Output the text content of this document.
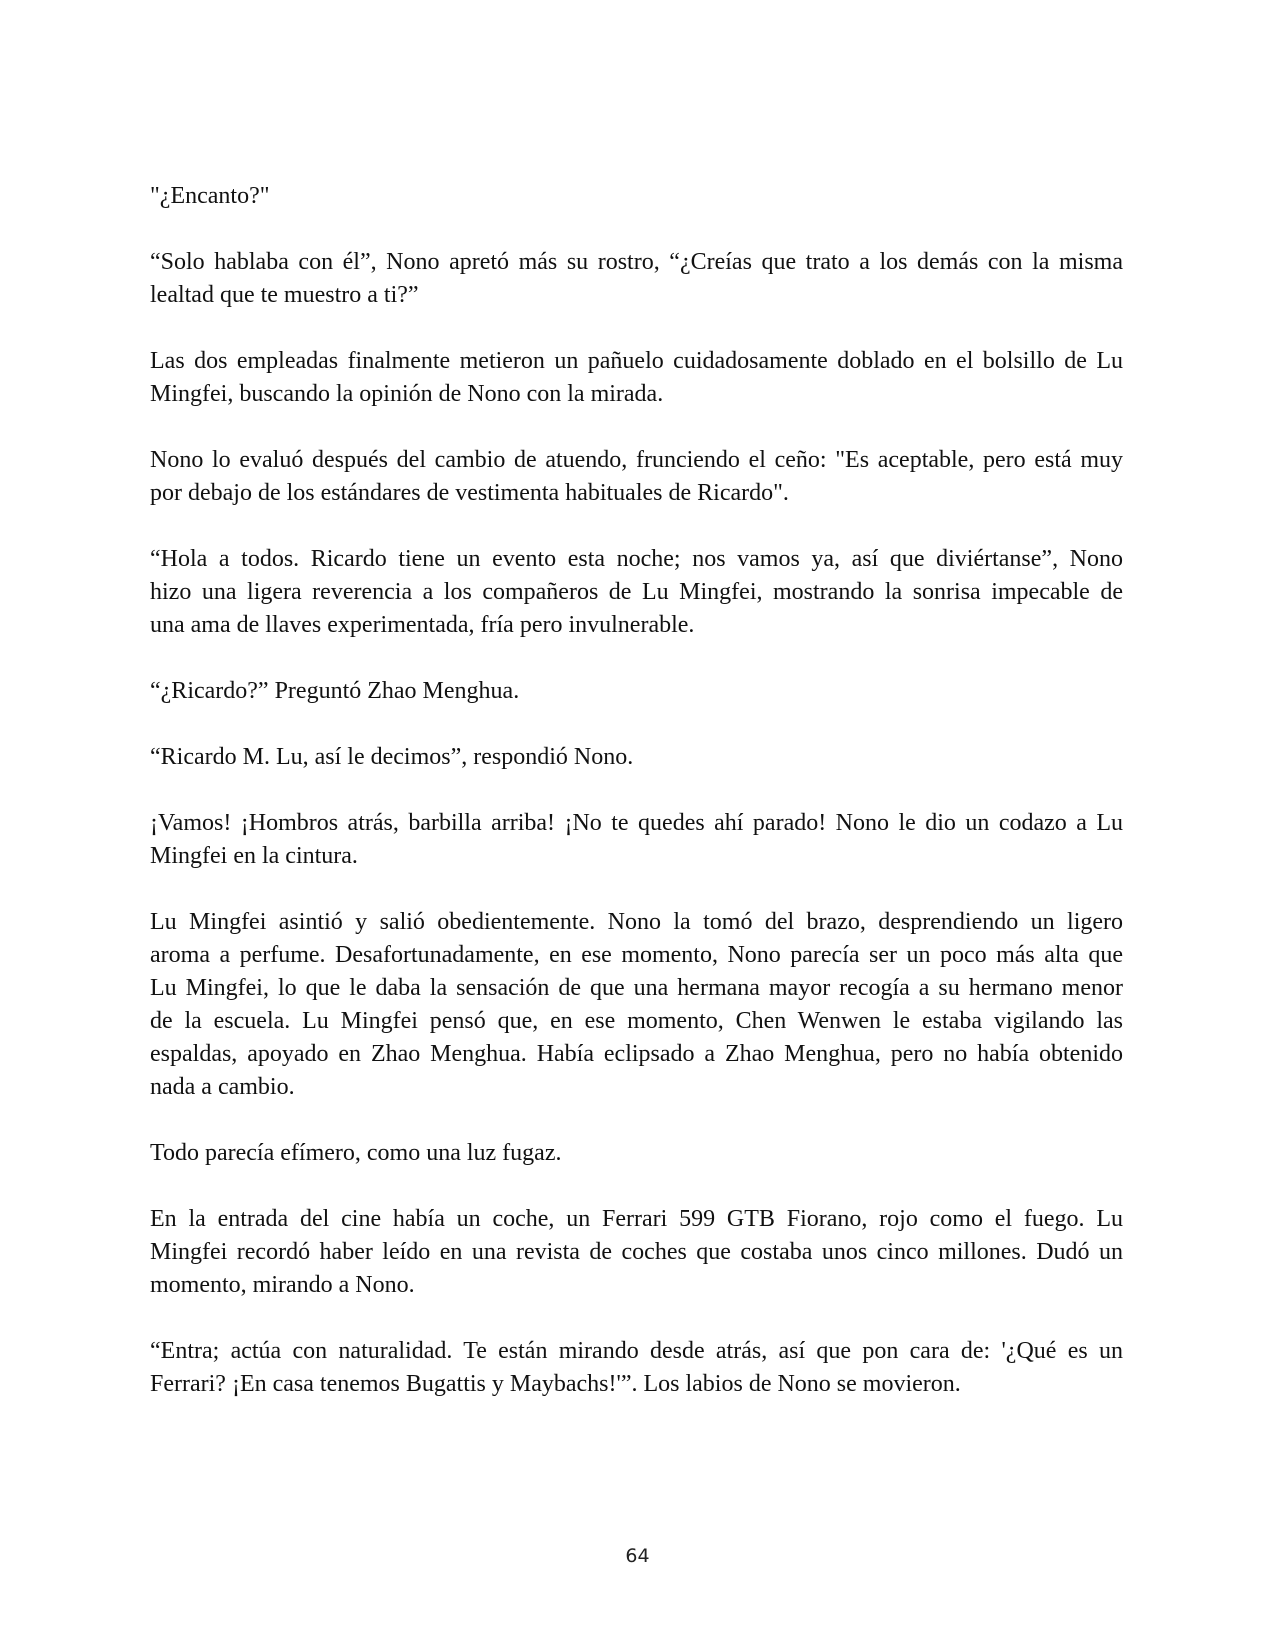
"¿Encanto?"

“Solo hablaba con él”, Nono apretó más su rostro, “¿Creías que trato a los demás con la misma
lealtad que te muestro a ti?”

Las dos empleadas finalmente metieron un pañuelo cuidadosamente doblado en el bolsillo de Lu
Mingfei, buscando la opinión de Nono con la mirada.

Nono lo evaluó después del cambio de atuendo, frunciendo el ceño: "Es aceptable, pero está muy
por debajo de los estándares de vestimenta habituales de Ricardo".

“Hola a todos. Ricardo tiene un evento esta noche; nos vamos ya, así que diviértanse”, Nono
hizo una ligera reverencia a los compañeros de Lu Mingfei, mostrando la sonrisa impecable de
una ama de llaves experimentada, fría pero invulnerable.

“¿Ricardo?” Preguntó Zhao Menghua.

“Ricardo M. Lu, así le decimos”, respondió Nono.

¡Vamos! ¡Hombros atrás, barbilla arriba! ¡No te quedes ahí parado! Nono le dio un codazo a Lu
Mingfei en la cintura.

Lu Mingfei asintió y salió obedientemente. Nono la tomó del brazo, desprendiendo un ligero
aroma a perfume. Desafortunadamente, en ese momento, Nono parecía ser un poco más alta que
Lu Mingfei, lo que le daba la sensación de que una hermana mayor recogía a su hermano menor
de la escuela. Lu Mingfei pensó que, en ese momento, Chen Wenwen le estaba vigilando las
espaldas, apoyado en Zhao Menghua. Había eclipsado a Zhao Menghua, pero no había obtenido
nada a cambio.

Todo parecía efímero, como una luz fugaz.

En la entrada del cine había un coche, un Ferrari 599 GTB Fiorano, rojo como el fuego. Lu
Mingfei recordó haber leído en una revista de coches que costaba unos cinco millones. Dudó un
momento, mirando a Nono.

“Entra; actúa con naturalidad. Te están mirando desde atrás, así que pon cara de: '¿Qué es un
Ferrari? ¡En casa tenemos Bugattis y Maybachs!'”. Los labios de Nono se movieron.

64
